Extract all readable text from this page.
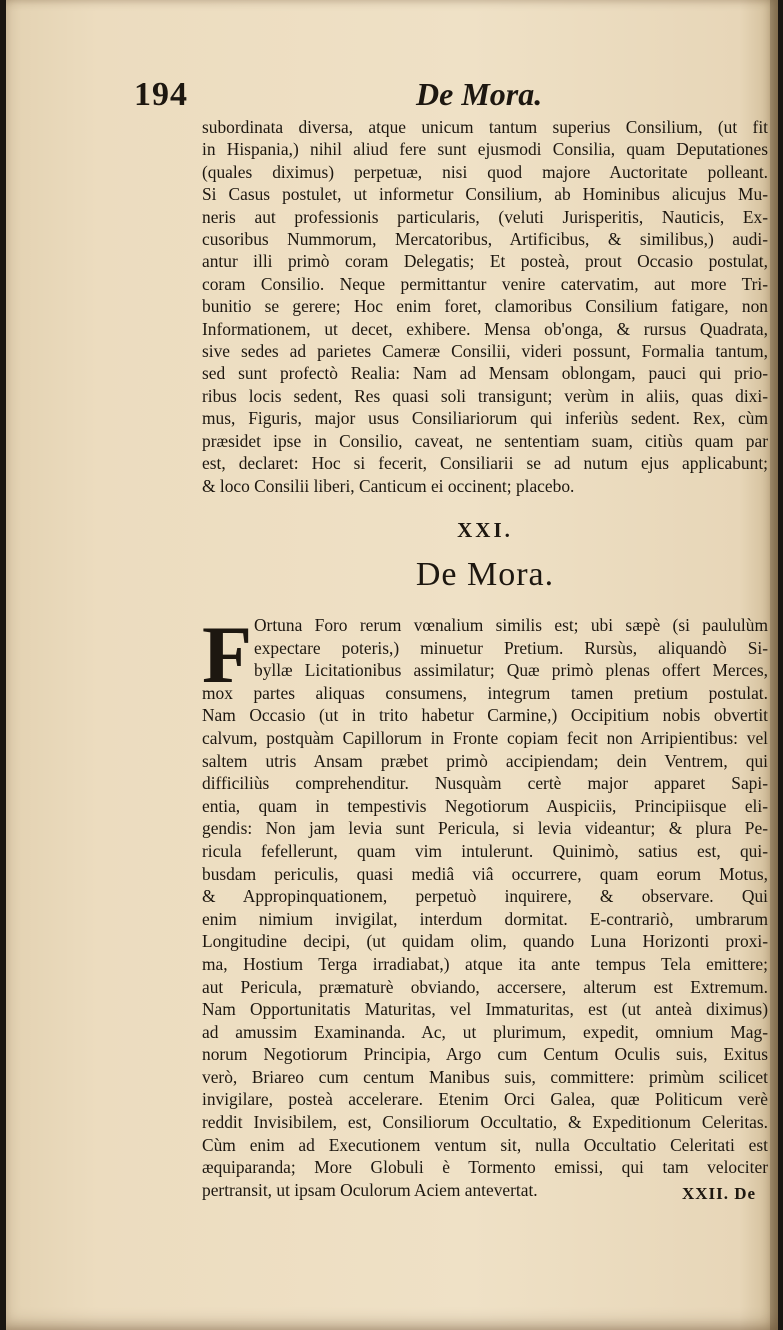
194	De Mora.

subordinata diversa, atque unicum tantum superius Consilium, (ut fit

in Hispania,) nihil aliud fere sunt ejusmodi Consilia, quam Deputationes

(quales diximus) perpetuæ, nisi quod majore Auctoritate polleant.

Si Casus postulet, ut informetur Consilium, ab Hominibus alicujus Mu-

neris aut professionis particularis, (veluti Jurisperitis, Nauticis, Ex-

cusoribus Nummorum, Mercatoribus, Artificibus, & similibus,) audi-

antur illi primò coram Delegatis; Et posteà, prout Occasio postulat,

coram Consilio. Neque permittantur venire catervatim, aut more Tri-

bunitio se gerere; Hoc enim foret, clamoribus Consilium fatigare, non

Informationem, ut decet, exhibere. Mensa ob'onga, & rursus Quadrata,

sive sedes ad parietes Cameræ Consilii, videri possunt, Formalia tantum,

sed sunt profectò Realia: Nam ad Mensam oblongam, pauci qui prio-

ribus locis sedent, Res quasi soli transigunt; verùm in aliis, quas dixi-

mus, Figuris, major usus Consiliariorum qui inferiùs sedent. Rex, cùm

præsidet ipse in Consilio, caveat, ne sententiam suam, citiùs quam par

est, declaret: Hoc si fecerit, Consiliarii se ad nutum ejus applicabunt;

& loco Consilii liberi, Canticum ei occinent; placebo.

XXI.
De Mora.
F Ortuna Foro rerum vœnalium similis est; ubi sæpè (si paululùm

expectare poteris,) minuetur Pretium. Rursùs, aliquandò Si-

byllæ Licitationibus assimilatur; Quæ primò plenas offert Merces,

mox partes aliquas consumens, integrum tamen pretium postulat.

Nam Occasio (ut in trito habetur Carmine,) Occipitium nobis obvertit

calvum, postquàm Capillorum in Fronte copiam fecit non Arripientibus: vel

saltem utris Ansam præbet primò accipiendam; dein Ventrem, qui

difficiliùs comprehenditur. Nusquàm certè major apparet Sapi-

entia, quam in tempestivis Negotiorum Auspiciis, Principiisque eli-

gendis: Non jam levia sunt Pericula, si levia videantur; & plura Pe-

ricula fefellerunt, quam vim intulerunt. Quinimò, satius est, qui-

busdam periculis, quasi mediâ viâ occurrere, quam eorum Motus,

& Appropinquationem, perpetuò inquirere, & observare. Qui

enim nimium invigilat, interdum dormitat. E-contrariò, umbrarum

Longitudine decipi, (ut quidam olim, quando Luna Horizonti proxi-

ma, Hostium Terga irradiabat,) atque ita ante tempus Tela emittere;

aut Pericula, præmaturè obviando, accersere, alterum est Extremum.

Nam Opportunitatis Maturitas, vel Immaturitas, est (ut anteà diximus)

ad amussim Examinanda. Ac, ut plurimum, expedit, omnium Mag-

norum Negotiorum Principia, Argo cum Centum Oculis suis, Exitus

verò, Briareo cum centum Manibus suis, committere: primùm scilicet

invigilare, posteà accelerare. Etenim Orci Galea, quæ Politicum verè

reddit Invisibilem, est, Consiliorum Occultatio, & Expeditionum Celeritas.

Cùm enim ad Executionem ventum sit, nulla Occultatio Celeritati est

æquiparanda; More Globuli è Tormento emissi, qui tam velociter

pertransit, ut ipsam Oculorum Aciem antevertat.	XXII. De
